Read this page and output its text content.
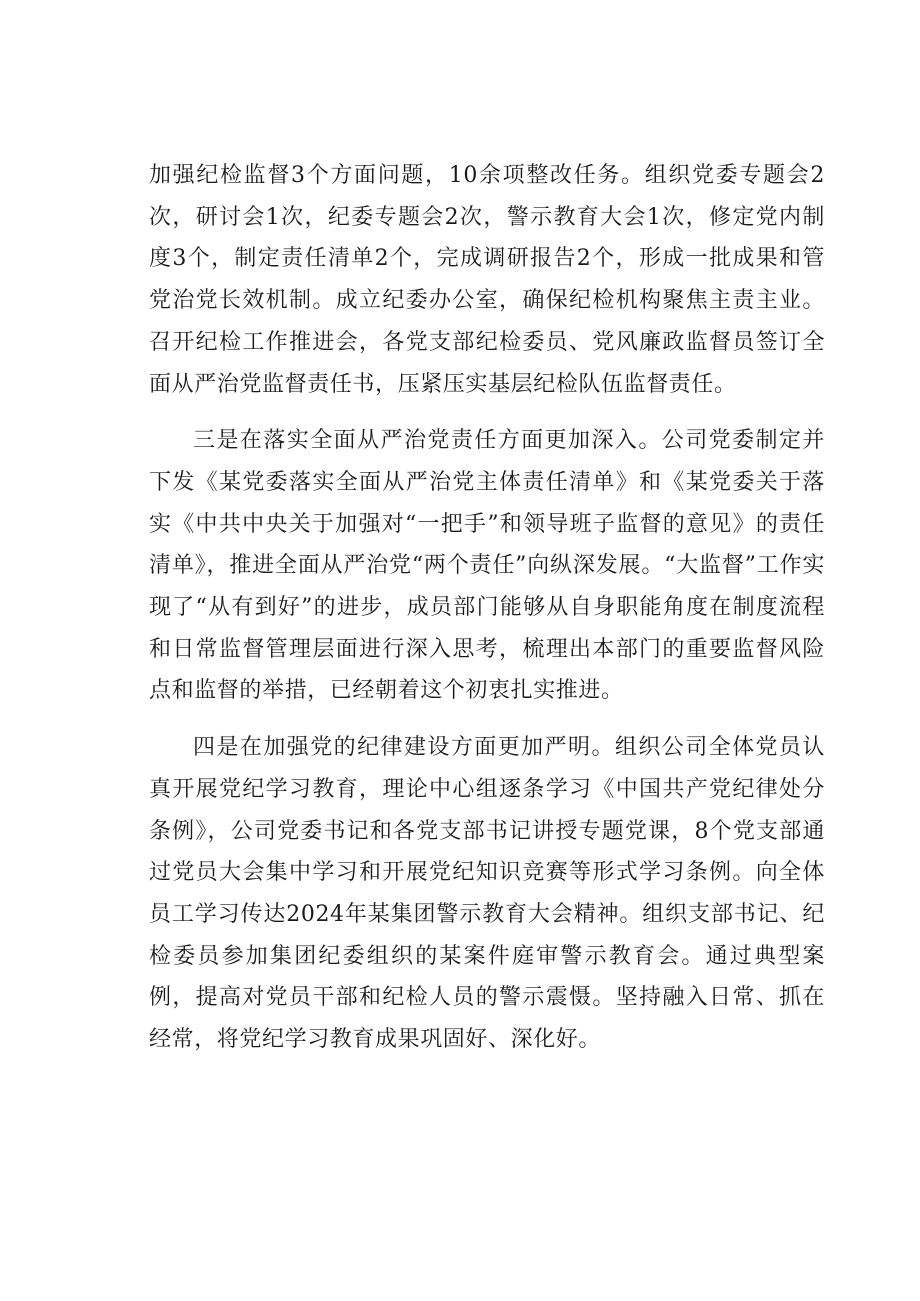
加强纪检监督3个方面问题，10余项整改任务。组织党委专题会2次，研讨会1次，纪委专题会2次，警示教育大会1次，修定党内制度3个，制定责任清单2个，完成调研报告2个，形成一批成果和管党治党长效机制。成立纪委办公室，确保纪检机构聚焦主责主业。召开纪检工作推进会，各党支部纪检委员、党风廉政监督员签订全面从严治党监督责任书，压紧压实基层纪检队伍监督责任。

三是在落实全面从严治党责任方面更加深入。公司党委制定并下发《某党委落实全面从严治党主体责任清单》和《某党委关于落实《中共中央关于加强对“一把手”和领导班子监督的意见》的责任清单》，推进全面从严治党“两个责任”向纵深发展。“大监督”工作实现了“从有到好”的进步，成员部门能够从自身职能角度在制度流程和日常监督管理层面进行深入思考，梳理出本部门的重要监督风险点和监督的举措，已经朝着这个初衷扎实推进。

四是在加强党的纪律建设方面更加严明。组织公司全体党员认真开展党纪学习教育，理论中心组逐条学习《中国共产党纪律处分条例》，公司党委书记和各党支部书记讲授专题党课，8个党支部通过党员大会集中学习和开展党纪知识竞赛等形式学习条例。向全体员工学习传达2024年某集团警示教育大会精神。组织支部书记、纪检委员参加集团纪委组织的某案件庭审警示教育会。通过典型案例，提高对党员干部和纪检人员的警示震慑。坚持融入日常、抓在经常，将党纪学习教育成果巩固好、深化好。
